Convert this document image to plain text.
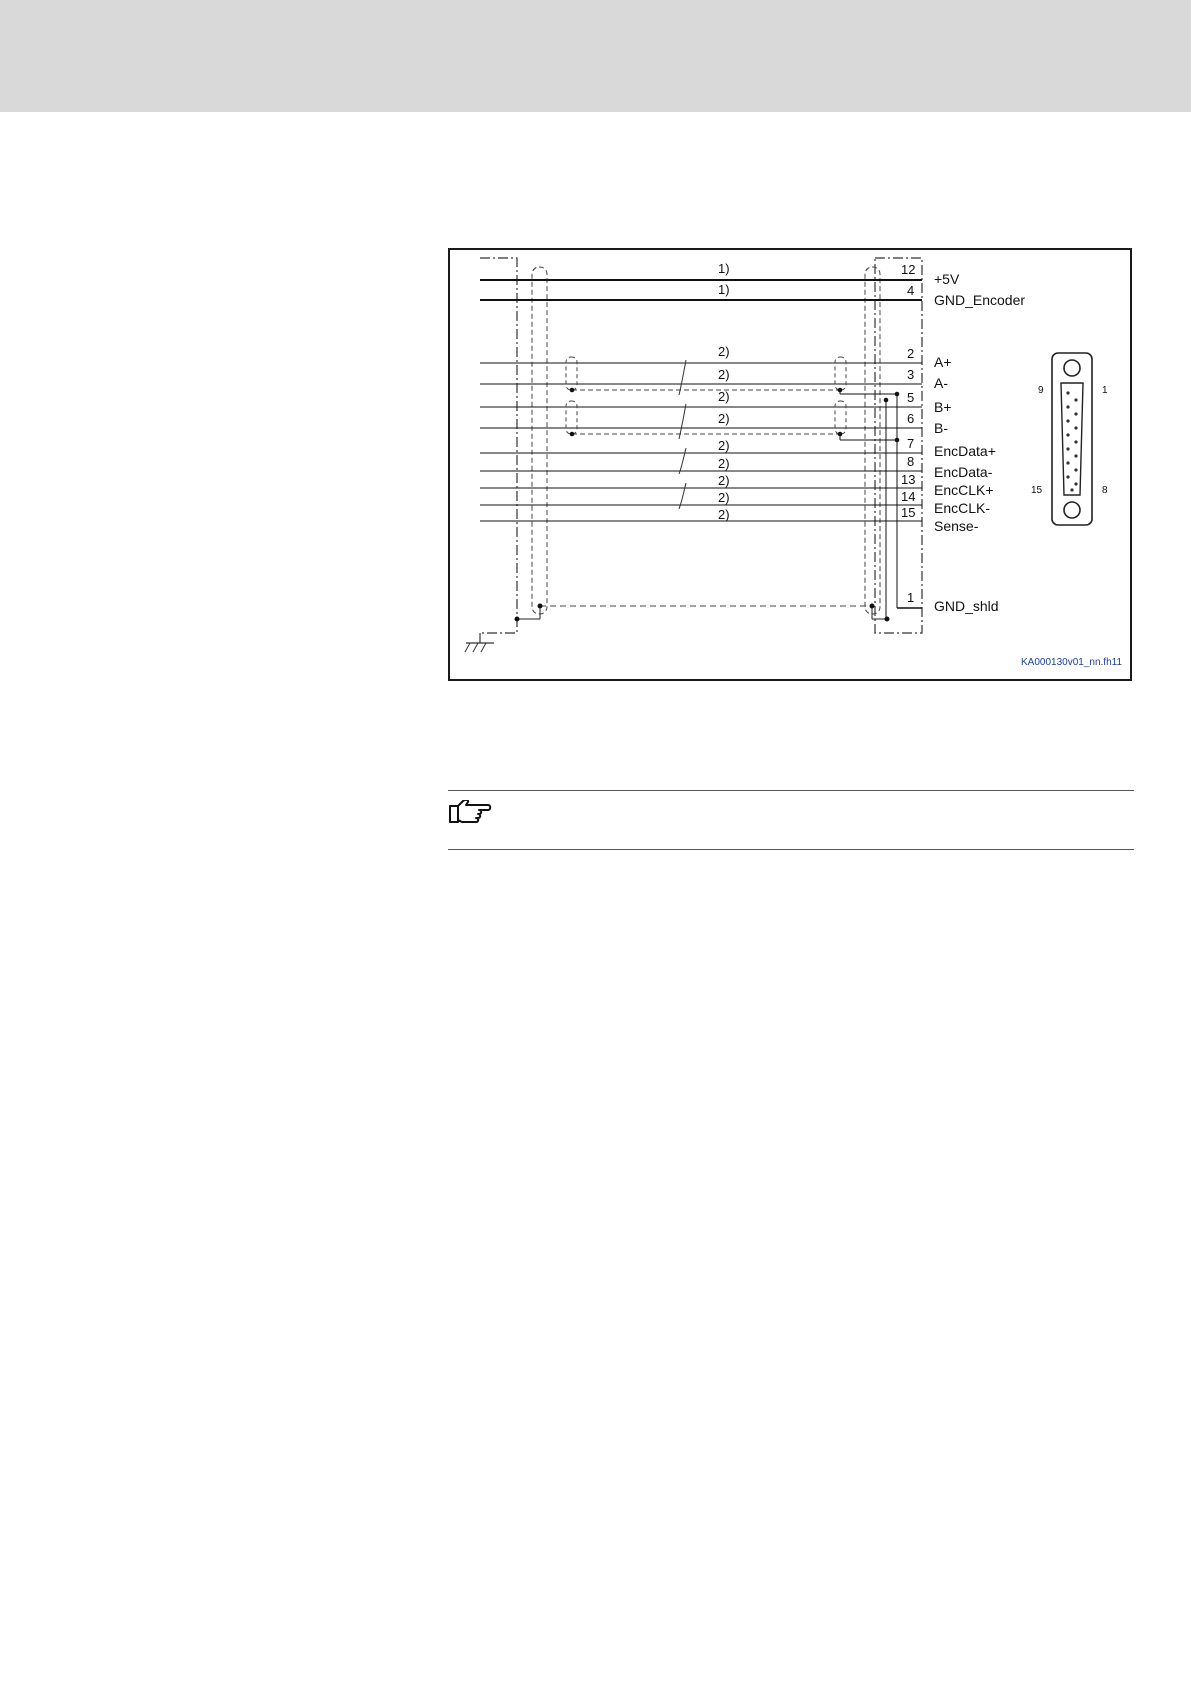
1)
1)
2)
2)
2)
2)
2)
2)
2)
2)
2)
12
4
2
3
5
6
7
8
13
14
15
1
+5V
GND_Encoder
A+
A-
B+
B-
EncData+
EncData-
EncCLK+
EncCLK-
Sense-
GND_shld
9	1
15	8
KA000130v01_nn.fh11
